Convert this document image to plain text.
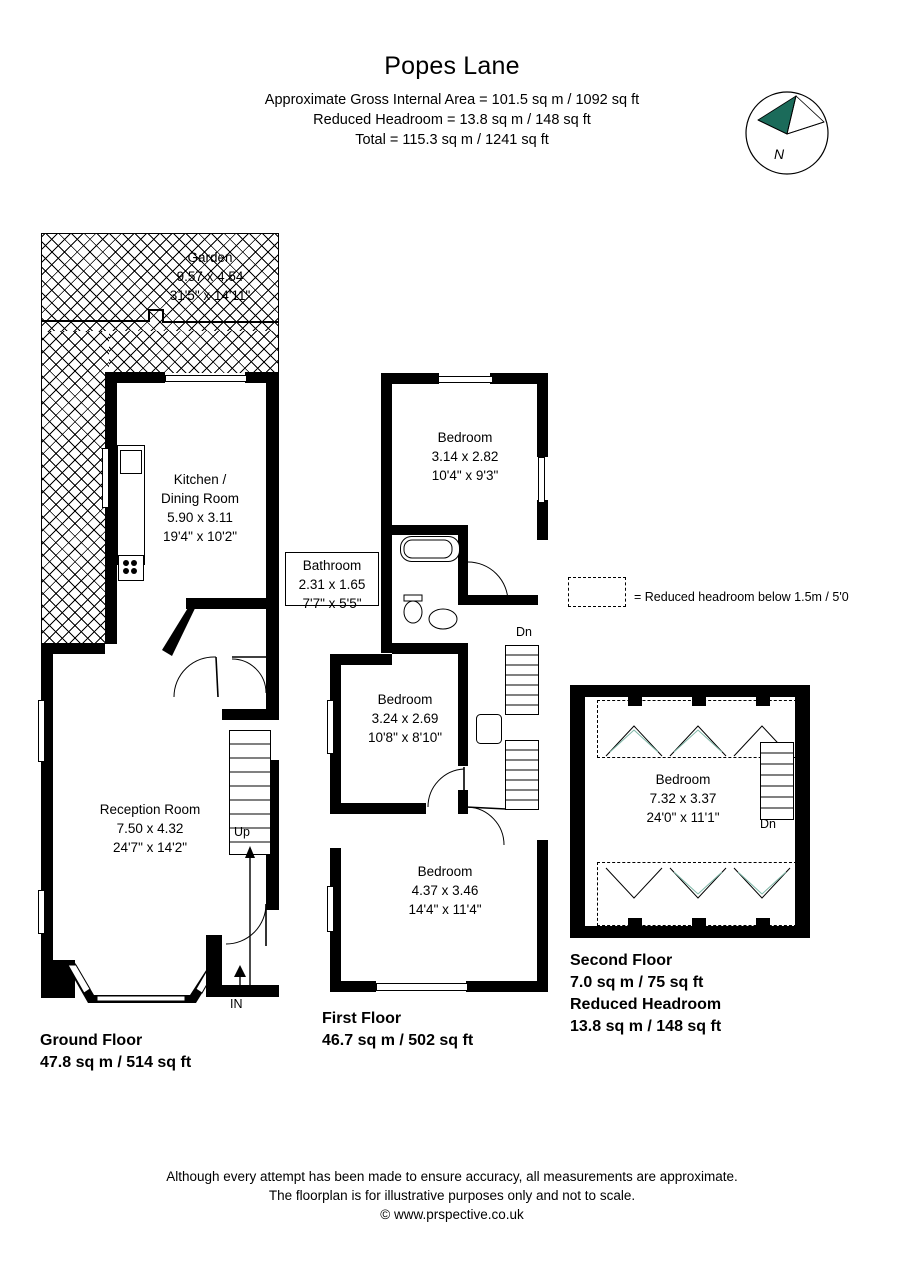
Popes Lane
Approximate Gross Internal Area = 101.5 sq m / 1092 sq ft
Reduced Headroom = 13.8 sq m / 148 sq ft
Total = 115.3 sq m / 1241 sq ft
N
= Reduced headroom below 1.5m / 5'0
Garden
9.57 x 4.54
31'5" x 14'11"
Kitchen /
Dining Room
5.90 x 3.11
19'4" x 10'2"
Up
IN
Reception Room
7.50 x 4.32
24'7" x 14'2"
Ground Floor
47.8 sq m / 514 sq ft
Bedroom
3.14 x 2.82
10'4" x 9'3"
Bathroom
2.31 x 1.65
7'7" x 5'5"
Bedroom
3.24 x 2.69
10'8" x 8'10"
Dn
Bedroom
4.37 x 3.46
14'4" x 11'4"
First Floor
46.7 sq m / 502 sq ft
Dn
Bedroom
7.32 x 3.37
24'0" x 11'1"
Second Floor
7.0 sq m / 75 sq ft
Reduced Headroom
13.8 sq m / 148 sq ft
Although every attempt has been made to ensure accuracy, all measurements are approximate.
The floorplan is for illustrative purposes only and not to scale.
© www.prspective.co.uk
